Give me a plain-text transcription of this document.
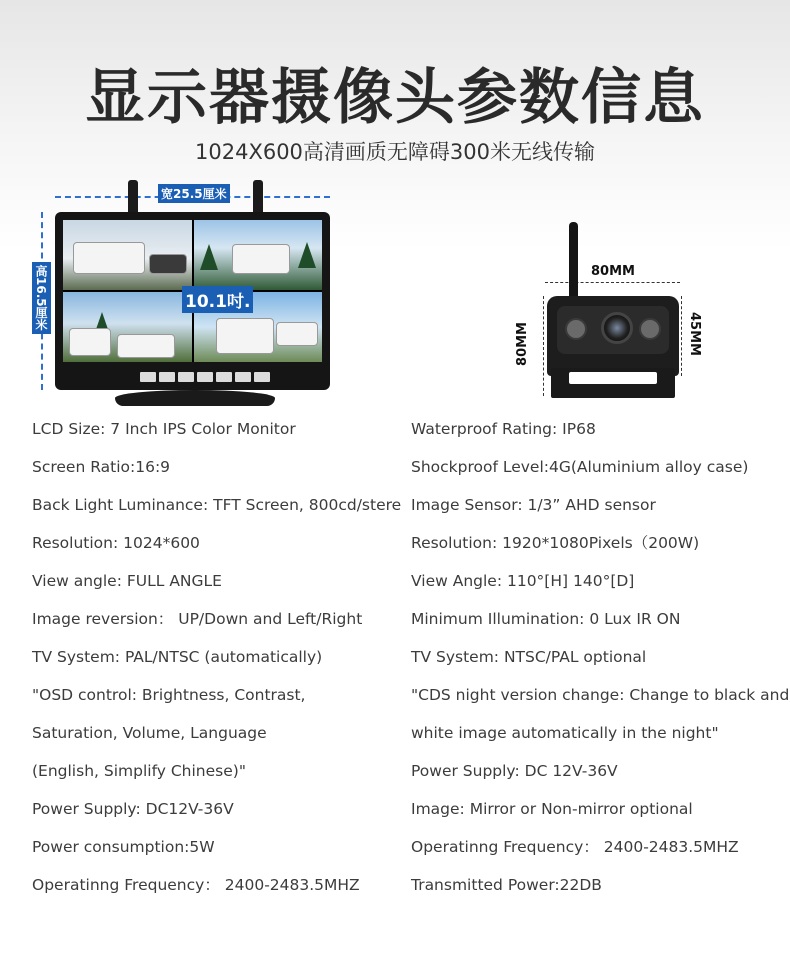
显示器摄像头参数信息
1024X600高清画质无障碍300米无线传输
宽25.5厘米
高16.5厘米	10.1吋.
80MM
80MM	45MM
LCD Size: 7 Inch IPS Color Monitor
Screen Ratio:16:9
Back Light Luminance: TFT Screen, 800cd/stere
Resolution: 1024*600
View angle: FULL ANGLE
Image reversion： UP/Down and Left/Right
TV System: PAL/NTSC (automatically)
"OSD control: Brightness, Contrast,
Saturation, Volume, Language
(English, Simplify Chinese)"
Power Supply: DC12V-36V
Power consumption:5W
Operatinng Frequency： 2400-2483.5MHZ
Waterproof Rating: IP68
Shockproof Level:4G(Aluminium alloy case)
Image Sensor: 1/3” AHD sensor
Resolution: 1920*1080Pixels（200W)
View Angle: 110°[H] 140°[D]
Minimum Illumination: 0 Lux IR ON
TV System: NTSC/PAL optional
"CDS night version change: Change to black and
white image automatically in the night"
Power Supply: DC 12V-36V
Image: Mirror or Non-mirror optional
Operatinng Frequency： 2400-2483.5MHZ
Transmitted Power:22DB
